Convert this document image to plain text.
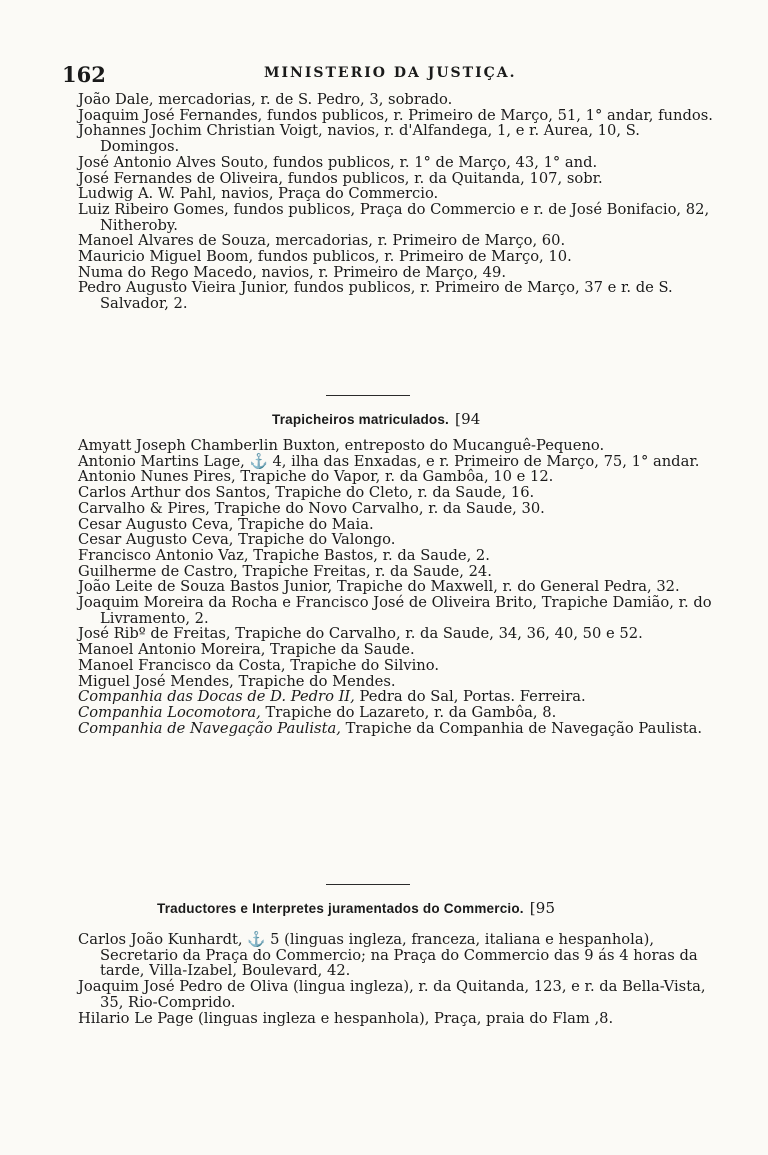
162	MINISTERIO DA JUSTIÇA.

João Dale, mercadorias, r. de S. Pedro, 3, sobrado.

Joaquim José Fernandes, fundos publicos, r. Primeiro de Março, 51, 1° andar, fundos.

Johannes Jochim Christian Voigt, navios, r. d'Alfandega, 1, e r. Aurea, 10, S. Domingos.

José Antonio Alves Souto, fundos publicos, r. 1° de Março, 43, 1° and.

José Fernandes de Oliveira, fundos publicos, r. da Quitanda, 107, sobr.

Ludwig A. W. Pahl, navios, Praça do Commercio.

Luiz Ribeiro Gomes, fundos publicos, Praça do Commercio e r. de José Bonifacio, 82, Nitheroby.

Manoel Alvares de Souza, mercadorias, r. Primeiro de Março, 60.

Mauricio Miguel Boom, fundos publicos, r. Primeiro de Março, 10.

Numa do Rego Macedo, navios, r. Primeiro de Março, 49.

Pedro Augusto Vieira Junior, fundos publicos, r. Primeiro de Março, 37 e r. de S. Salvador, 2.

Trapicheiros matriculados. [94

Amyatt Joseph Chamberlin Buxton, entreposto do Mucanguê-Pequeno.

Antonio Martins Lage, ⚓ 4, ilha das Enxadas, e r. Primeiro de Março, 75, 1° andar.

Antonio Nunes Pires, Trapiche do Vapor, r. da Gambôa, 10 e 12.

Carlos Arthur dos Santos, Trapiche do Cleto, r. da Saude, 16.

Carvalho & Pires, Trapiche do Novo Carvalho, r. da Saude, 30.

Cesar Augusto Ceva, Trapiche do Maia.

Cesar Augusto Ceva, Trapiche do Valongo.

Francisco Antonio Vaz, Trapiche Bastos, r. da Saude, 2.

Guilherme de Castro, Trapiche Freitas, r. da Saude, 24.

João Leite de Souza Bastos Junior, Trapiche do Maxwell, r. do General Pedra, 32.

Joaquim Moreira da Rocha e Francisco José de Oliveira Brito, Trapiche Damião, r. do Livramento, 2.

José Ribº de Freitas, Trapiche do Carvalho, r. da Saude, 34, 36, 40, 50 e 52.

Manoel Antonio Moreira, Trapiche da Saude.

Manoel Francisco da Costa, Trapiche do Silvino.

Miguel José Mendes, Trapiche do Mendes.

Companhia das Docas de D. Pedro II, Pedra do Sal, Portas. Ferreira.

Companhia Locomotora, Trapiche do Lazareto, r. da Gambôa, 8.

Companhia de Navegação Paulista, Trapiche da Companhia de Navegação Paulista.

Traductores e Interpretes juramentados do Commercio. [95

Carlos João Kunhardt, ⚓ 5 (linguas ingleza, franceza, italiana e hespanhola), Secretario da Praça do Commercio; na Praça do Commercio das 9 ás 4 horas da tarde, Villa-Izabel, Boulevard, 42.

Joaquim José Pedro de Oliva (lingua ingleza), r. da Quitanda, 123, e r. da Bella-Vista, 35, Rio-Comprido.

Hilario Le Page (linguas ingleza e hespanhola), Praça, praia do Flam ,8.
